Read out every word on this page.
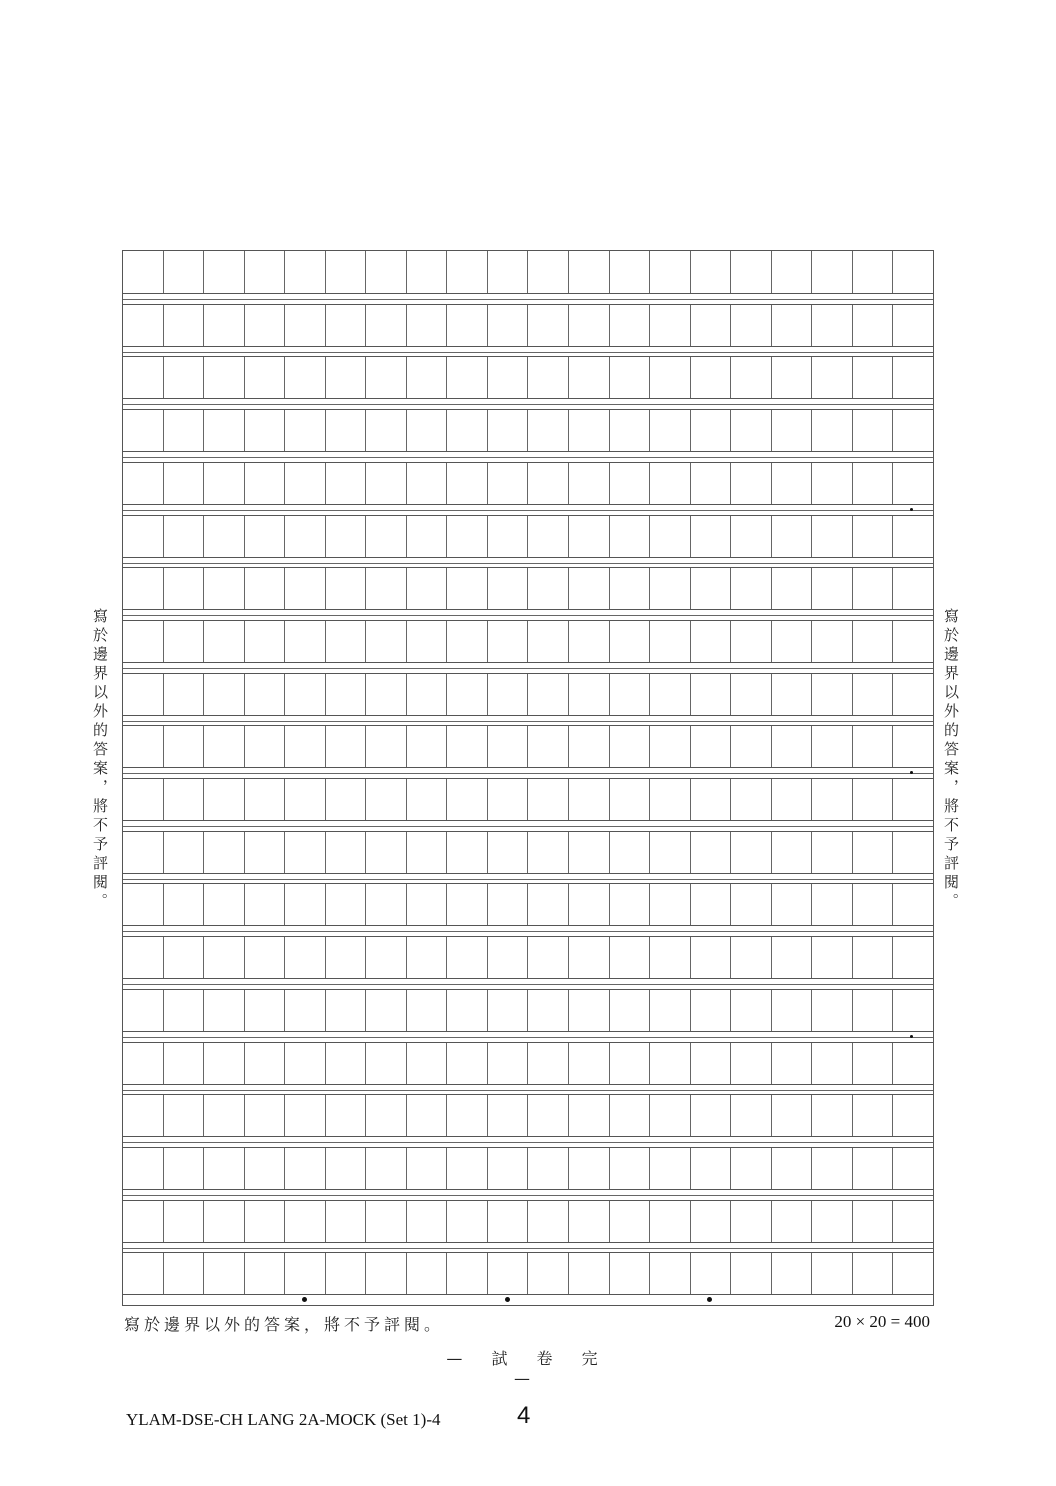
寫於邊界以外的答案，將不予評閱。	寫於邊界以外的答案，將不予評閱。
寫於邊界以外的答案，將不予評閱。	20 × 20 = 400
— 試 卷 完 —
YLAM-DSE-CH LANG 2A-MOCK (Set 1)-4	4
